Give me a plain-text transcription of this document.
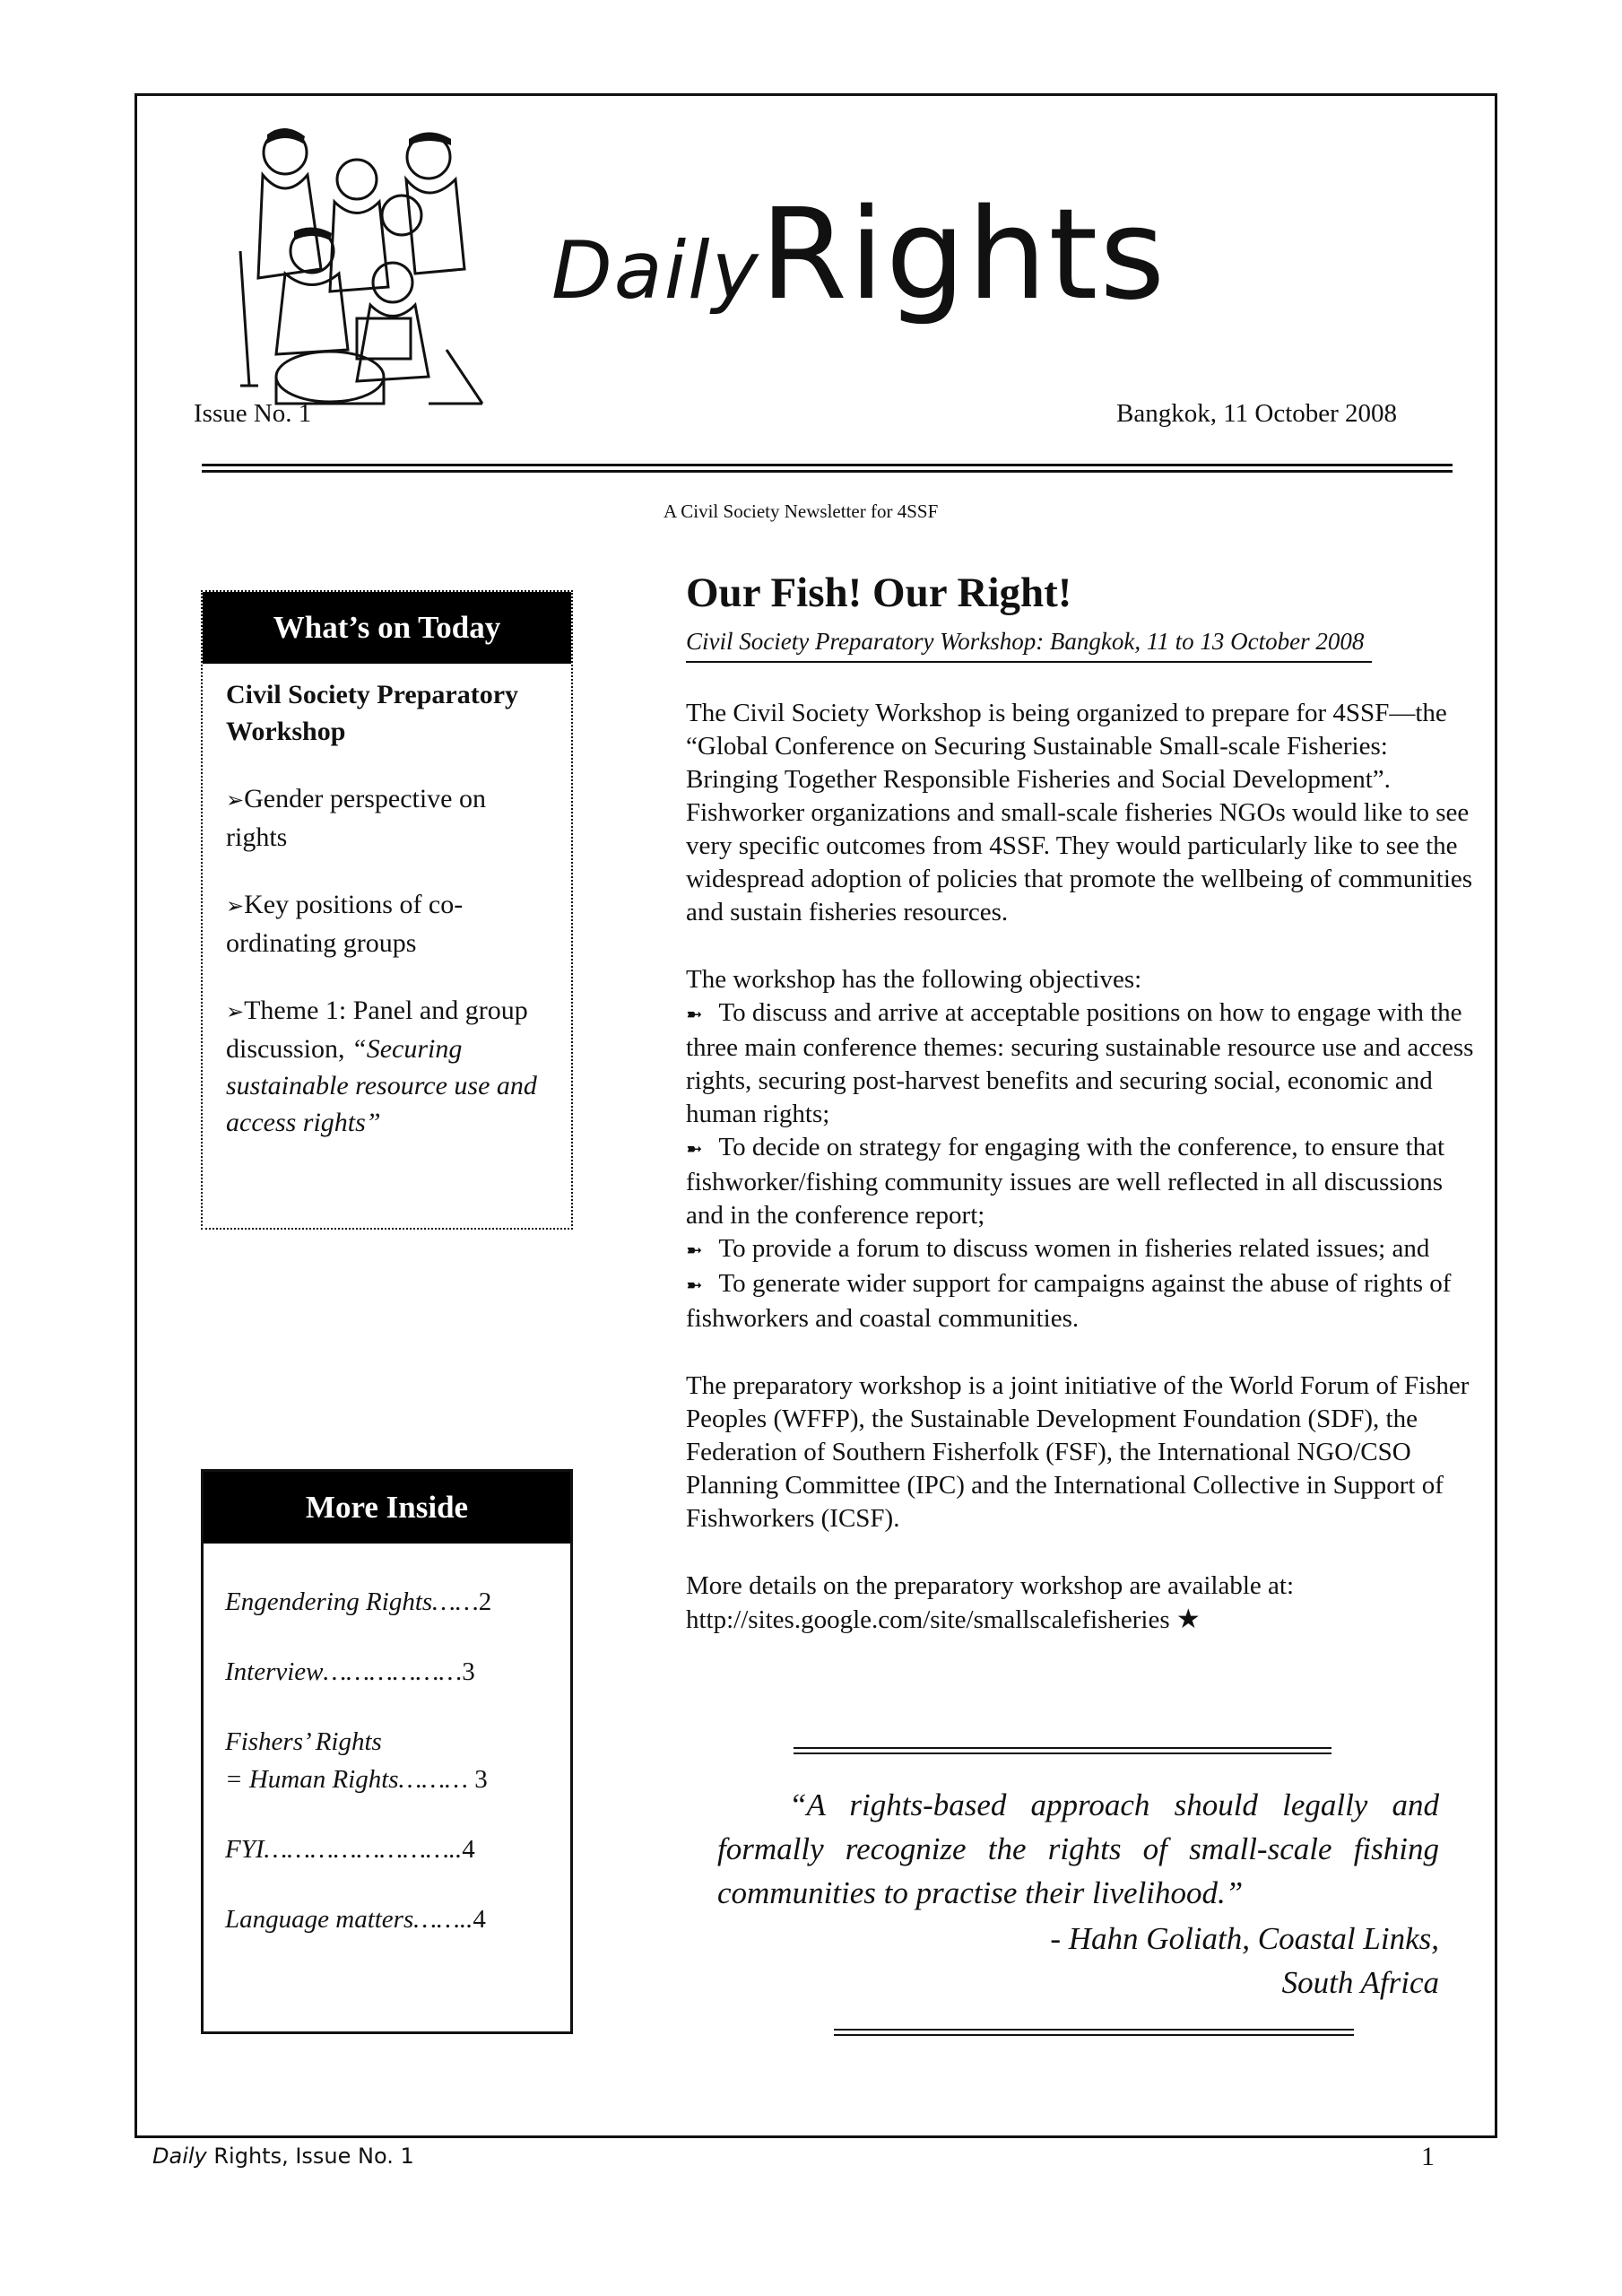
DailyRights
Issue No. 1	Bangkok, 11 October 2008
A Civil Society Newsletter for 4SSF
What’s on Today
Civil Society Preparatory Workshop
➢Gender perspective on rights
➢Key positions of co-ordinating groups
➢Theme 1: Panel and group discussion, “Securing sustainable resource use and access rights”
More Inside
Engendering Rights……2
Interview………………3
Fishers’ Rights
= Human Rights……… 3
FYI……………………..4
Language matters……..4
Our Fish! Our Right!
Civil Society Preparatory Workshop: Bangkok, 11 to 13 October 2008

The Civil Society Workshop is being organized to prepare for 4SSF—the “Global Conference on Securing Sustainable Small-scale Fisheries: Bringing Together Responsible Fisheries and Social Development”. Fishworker organizations and small-scale fisheries NGOs would like to see very specific outcomes from 4SSF. They would particularly like to see the widespread adoption of policies that promote the wellbeing of communities and sustain fisheries resources.

The workshop has the following objectives:
➼ To discuss and arrive at acceptable positions on how to engage with the three main conference themes: securing sustainable resource use and access rights, securing post-harvest benefits and securing social, economic and human rights;
➼ To decide on strategy for engaging with the conference, to ensure that fishworker/fishing community issues are well reflected in all discussions and in the conference report;
➼ To provide a forum to discuss women in fisheries related issues; and
➼ To generate wider support for campaigns against the abuse of rights of fishworkers and coastal communities.

The preparatory workshop is a joint initiative of the World Forum of Fisher Peoples (WFFP), the Sustainable Development Foundation (SDF), the Federation of Southern Fisherfolk (FSF), the International NGO/CSO Planning Committee (IPC) and the International Collective in Support of Fishworkers (ICSF).

More details on the preparatory workshop are available at:
http://sites.google.com/site/smallscalefisheries ★

“A rights-based approach should legally and formally recognize the rights of small-scale fishing communities to practise their livelihood.”
- Hahn Goliath, Coastal Links,
South Africa
Daily Rights, Issue No. 1	1
